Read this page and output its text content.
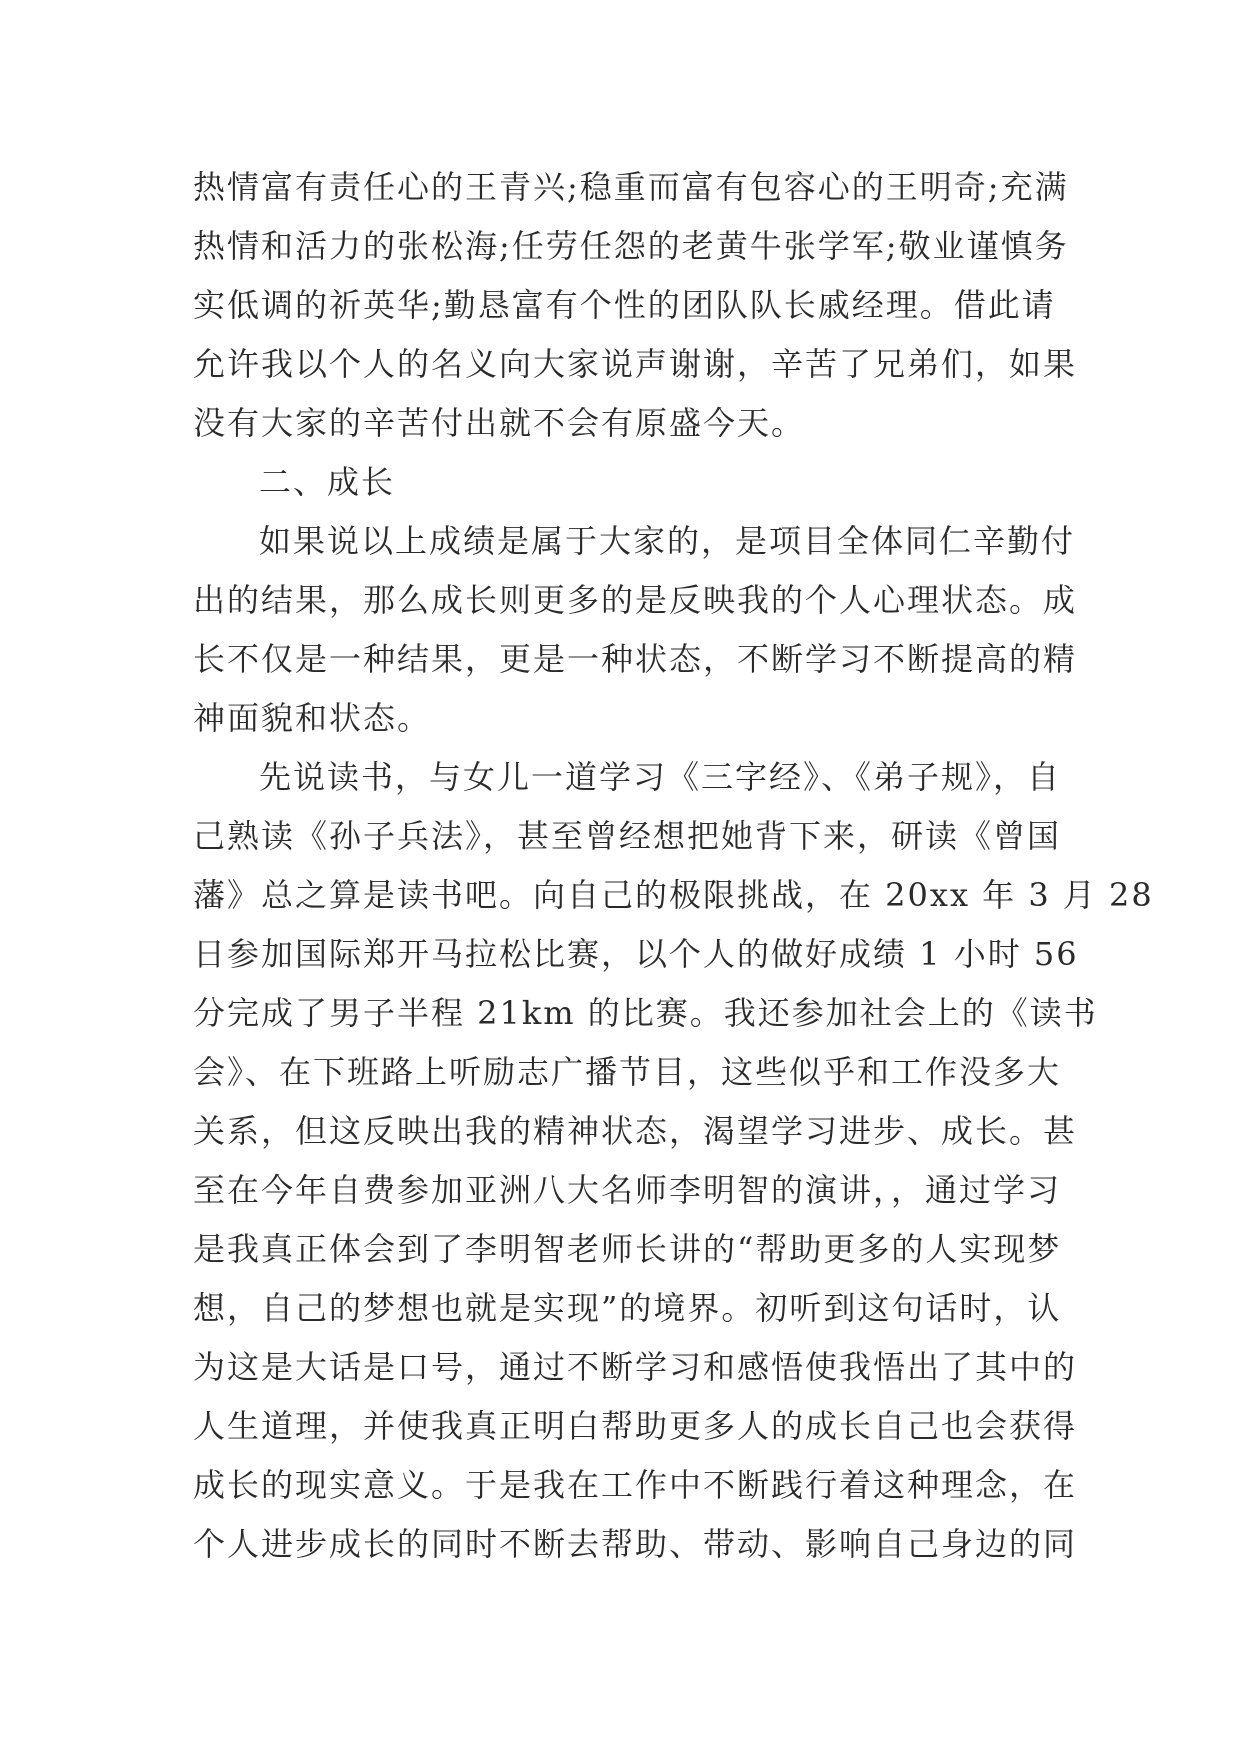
热情富有责任心的王青兴;稳重而富有包容心的王明奇;充满
热情和活力的张松海;任劳任怨的老黄牛张学军;敬业谨慎务
实低调的祈英华;勤恳富有个性的团队队长戚经理。借此请
允许我以个人的名义向大家说声谢谢，辛苦了兄弟们，如果
没有大家的辛苦付出就不会有原盛今天。
二、成长
如果说以上成绩是属于大家的，是项目全体同仁辛勤付
出的结果，那么成长则更多的是反映我的个人心理状态。成
长不仅是一种结果，更是一种状态，不断学习不断提高的精
神面貌和状态。
先说读书，与女儿一道学习《三字经》、《弟子规》，自
己熟读《孙子兵法》，甚至曾经想把她背下来，研读《曾国
藩》总之算是读书吧。向自己的极限挑战，在 20xx 年 3 月 28
日参加国际郑开马拉松比赛，以个人的做好成绩 1 小时 56
分完成了男子半程 21km 的比赛。我还参加社会上的《读书
会》、在下班路上听励志广播节目，这些似乎和工作没多大
关系，但这反映出我的精神状态，渴望学习进步、成长。甚
至在今年自费参加亚洲八大名师李明智的演讲，，通过学习
是我真正体会到了李明智老师长讲的“帮助更多的人实现梦
想，自己的梦想也就是实现”的境界。初听到这句话时，认
为这是大话是口号，通过不断学习和感悟使我悟出了其中的
人生道理，并使我真正明白帮助更多人的成长自己也会获得
成长的现实意义。于是我在工作中不断践行着这种理念，在
个人进步成长的同时不断去帮助、带动、影响自己身边的同
